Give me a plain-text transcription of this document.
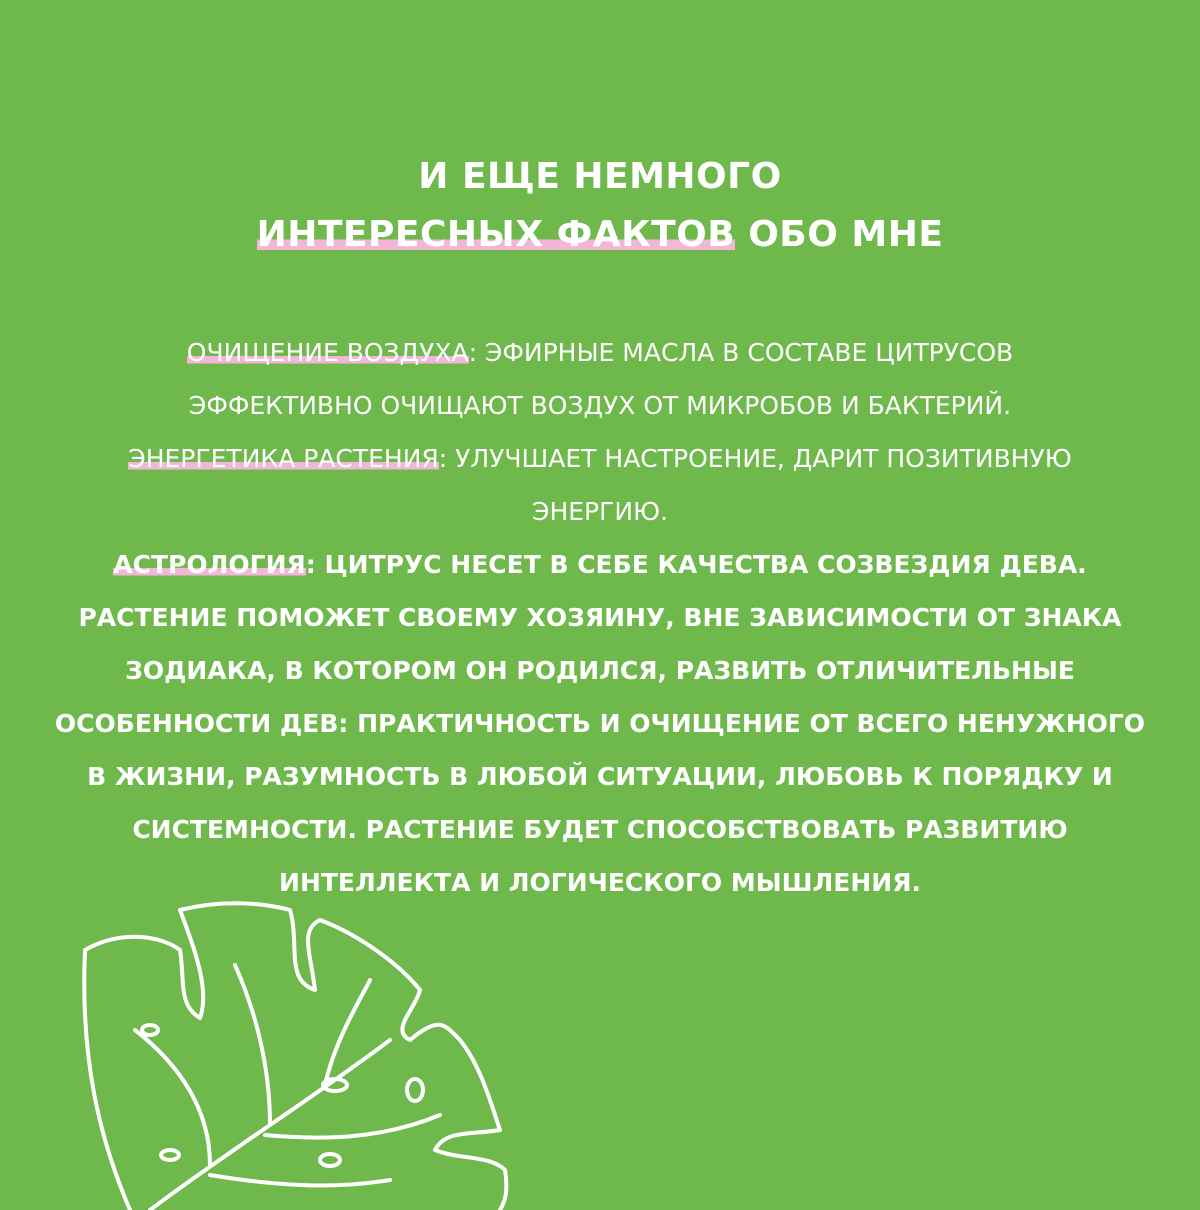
И ЕЩЕ НЕМНОГО
ИНТЕРЕСНЫХ ФАКТОВ ОБО МНЕ
ОЧИЩЕНИЕ ВОЗДУХА: ЭФИРНЫЕ МАСЛА В СОСТАВЕ ЦИТРУСОВ
ЭФФЕКТИВНО ОЧИЩАЮТ ВОЗДУХ ОТ МИКРОБОВ И БАКТЕРИЙ.
ЭНЕРГЕТИКА РАСТЕНИЯ: УЛУЧШАЕТ НАСТРОЕНИЕ, ДАРИТ ПОЗИТИВНУЮ
ЭНЕРГИЮ.
АСТРОЛОГИЯ: ЦИТРУС НЕСЕТ В СЕБЕ КАЧЕСТВА СОЗВЕЗДИЯ ДЕВА.
РАСТЕНИЕ ПОМОЖЕТ СВОЕМУ ХОЗЯИНУ, ВНЕ ЗАВИСИМОСТИ ОТ ЗНАКА
ЗОДИАКА, В КОТОРОМ ОН РОДИЛСЯ, РАЗВИТЬ ОТЛИЧИТЕЛЬНЫЕ
ОСОБЕННОСТИ ДЕВ: ПРАКТИЧНОСТЬ И ОЧИЩЕНИЕ ОТ ВСЕГО НЕНУЖНОГО
В ЖИЗНИ, РАЗУМНОСТЬ В ЛЮБОЙ СИТУАЦИИ, ЛЮБОВЬ К ПОРЯДКУ И
СИСТЕМНОСТИ. РАСТЕНИЕ БУДЕТ СПОСОБСТВОВАТЬ РАЗВИТИЮ
ИНТЕЛЛЕКТА И ЛОГИЧЕСКОГО МЫШЛЕНИЯ.
